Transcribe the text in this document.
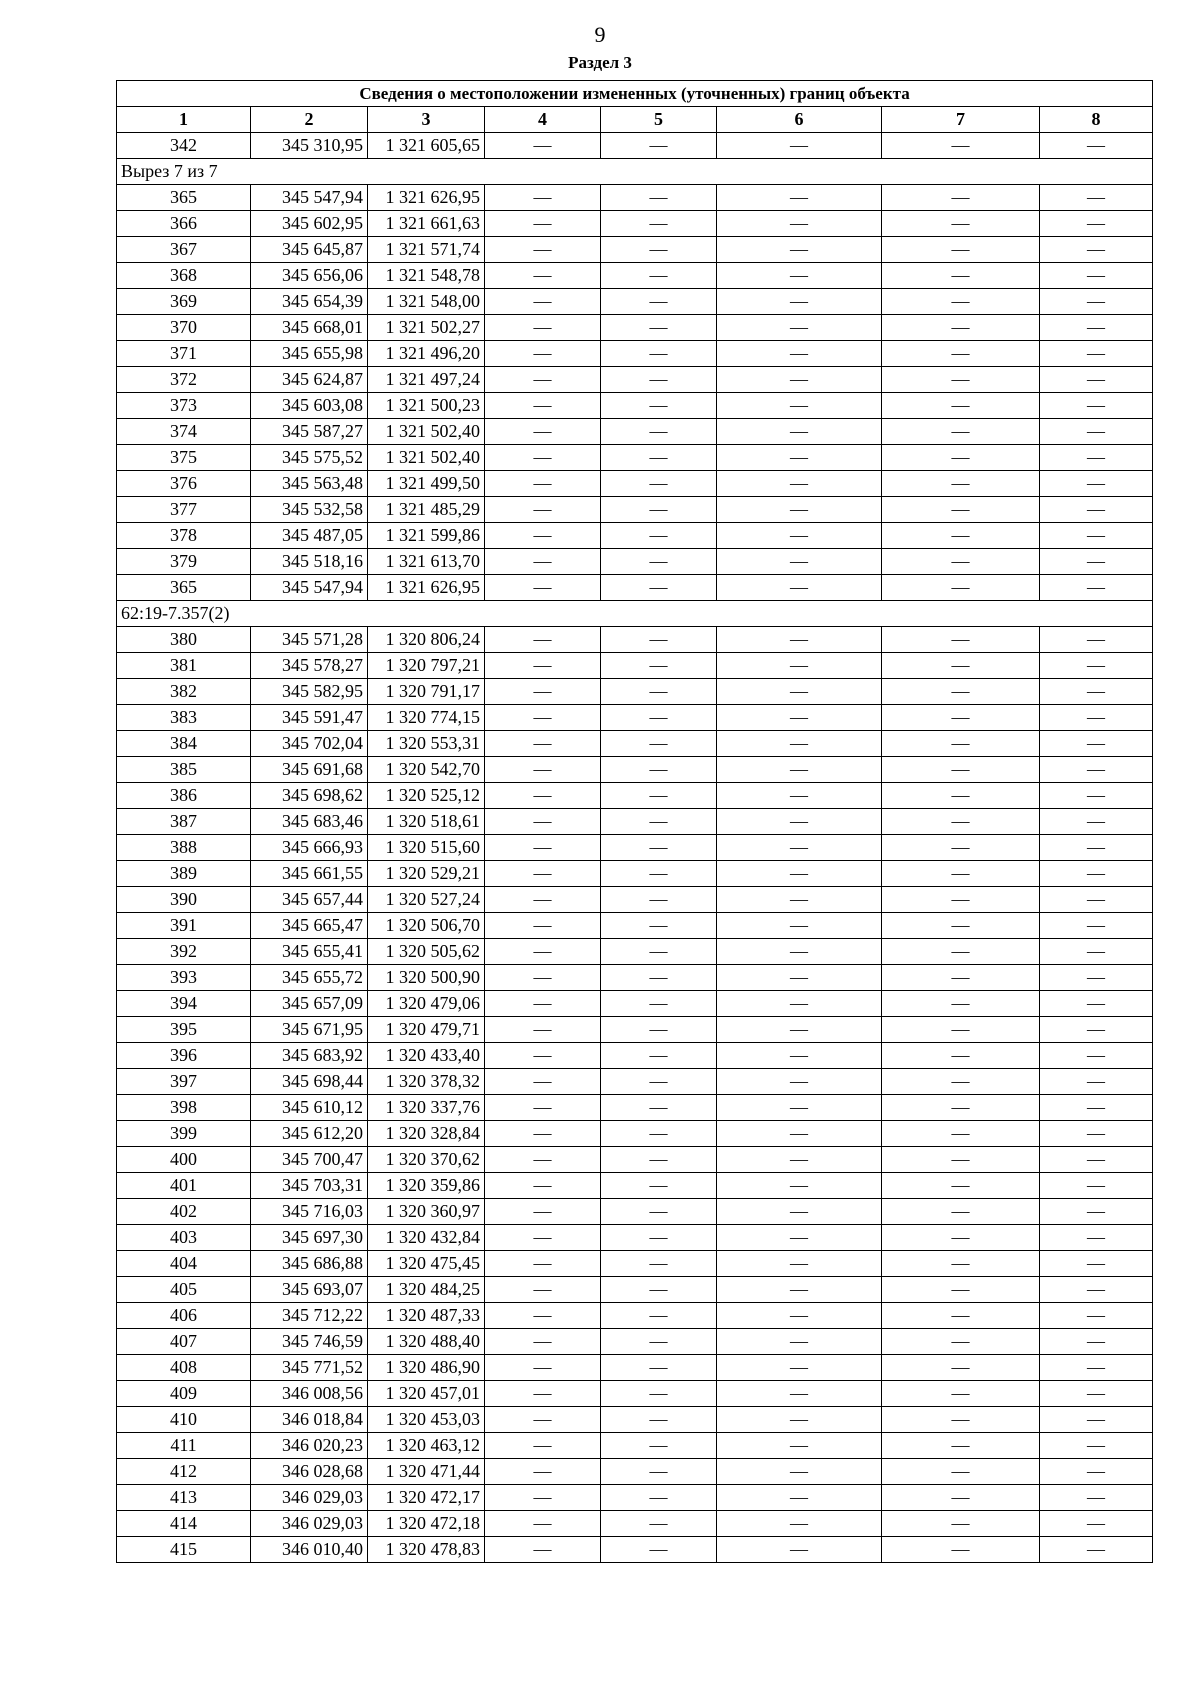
9
Раздел 3
Сведения о местоположении измененных (уточненных) границ объекта							
1	2	3	4	5	6	7	8
342	345 310,95	1 321 605,65	—	—	—	—	—
Вырез 7 из 7							
365	345 547,94	1 321 626,95	—	—	—	—	—
366	345 602,95	1 321 661,63	—	—	—	—	—
367	345 645,87	1 321 571,74	—	—	—	—	—
368	345 656,06	1 321 548,78	—	—	—	—	—
369	345 654,39	1 321 548,00	—	—	—	—	—
370	345 668,01	1 321 502,27	—	—	—	—	—
371	345 655,98	1 321 496,20	—	—	—	—	—
372	345 624,87	1 321 497,24	—	—	—	—	—
373	345 603,08	1 321 500,23	—	—	—	—	—
374	345 587,27	1 321 502,40	—	—	—	—	—
375	345 575,52	1 321 502,40	—	—	—	—	—
376	345 563,48	1 321 499,50	—	—	—	—	—
377	345 532,58	1 321 485,29	—	—	—	—	—
378	345 487,05	1 321 599,86	—	—	—	—	—
379	345 518,16	1 321 613,70	—	—	—	—	—
365	345 547,94	1 321 626,95	—	—	—	—	—
62:19-7.357(2)							
380	345 571,28	1 320 806,24	—	—	—	—	—
381	345 578,27	1 320 797,21	—	—	—	—	—
382	345 582,95	1 320 791,17	—	—	—	—	—
383	345 591,47	1 320 774,15	—	—	—	—	—
384	345 702,04	1 320 553,31	—	—	—	—	—
385	345 691,68	1 320 542,70	—	—	—	—	—
386	345 698,62	1 320 525,12	—	—	—	—	—
387	345 683,46	1 320 518,61	—	—	—	—	—
388	345 666,93	1 320 515,60	—	—	—	—	—
389	345 661,55	1 320 529,21	—	—	—	—	—
390	345 657,44	1 320 527,24	—	—	—	—	—
391	345 665,47	1 320 506,70	—	—	—	—	—
392	345 655,41	1 320 505,62	—	—	—	—	—
393	345 655,72	1 320 500,90	—	—	—	—	—
394	345 657,09	1 320 479,06	—	—	—	—	—
395	345 671,95	1 320 479,71	—	—	—	—	—
396	345 683,92	1 320 433,40	—	—	—	—	—
397	345 698,44	1 320 378,32	—	—	—	—	—
398	345 610,12	1 320 337,76	—	—	—	—	—
399	345 612,20	1 320 328,84	—	—	—	—	—
400	345 700,47	1 320 370,62	—	—	—	—	—
401	345 703,31	1 320 359,86	—	—	—	—	—
402	345 716,03	1 320 360,97	—	—	—	—	—
403	345 697,30	1 320 432,84	—	—	—	—	—
404	345 686,88	1 320 475,45	—	—	—	—	—
405	345 693,07	1 320 484,25	—	—	—	—	—
406	345 712,22	1 320 487,33	—	—	—	—	—
407	345 746,59	1 320 488,40	—	—	—	—	—
408	345 771,52	1 320 486,90	—	—	—	—	—
409	346 008,56	1 320 457,01	—	—	—	—	—
410	346 018,84	1 320 453,03	—	—	—	—	—
411	346 020,23	1 320 463,12	—	—	—	—	—
412	346 028,68	1 320 471,44	—	—	—	—	—
413	346 029,03	1 320 472,17	—	—	—	—	—
414	346 029,03	1 320 472,18	—	—	—	—	—
415	346 010,40	1 320 478,83	—	—	—	—	—
